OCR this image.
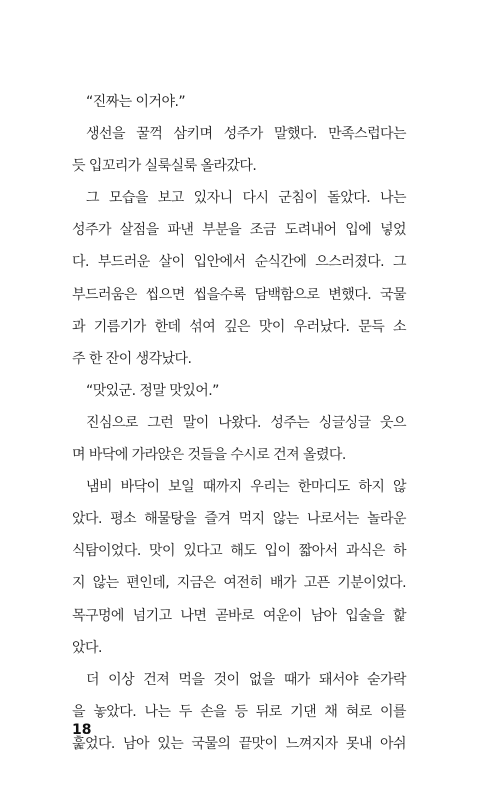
“진짜는 이거야.”
생선을 꿀꺽 삼키며 성주가 말했다. 만족스럽다는
듯 입꼬리가 실룩실룩 올라갔다.
그 모습을 보고 있자니 다시 군침이 돌았다. 나는
성주가 살점을 파낸 부분을 조금 도려내어 입에 넣었
다. 부드러운 살이 입안에서 순식간에 으스러졌다. 그
부드러움은 씹으면 씹을수록 담백함으로 변했다. 국물
과 기름기가 한데 섞여 깊은 맛이 우러났다. 문득 소
주 한 잔이 생각났다.
“맛있군. 정말 맛있어.”
진심으로 그런 말이 나왔다. 성주는 싱글싱글 웃으
며 바닥에 가라앉은 것들을 수시로 건져 올렸다.
냄비 바닥이 보일 때까지 우리는 한마디도 하지 않
았다. 평소 해물탕을 즐겨 먹지 않는 나로서는 놀라운
식탐이었다. 맛이 있다고 해도 입이 짧아서 과식은 하
지 않는 편인데, 지금은 여전히 배가 고픈 기분이었다.
목구멍에 넘기고 나면 곧바로 여운이 남아 입술을 핥
았다.
더 이상 건져 먹을 것이 없을 때가 돼서야 숟가락
을 놓았다. 나는 두 손을 등 뒤로 기댄 채 혀로 이를
훑었다. 남아 있는 국물의 끝맛이 느껴지자 못내 아쉬
18
